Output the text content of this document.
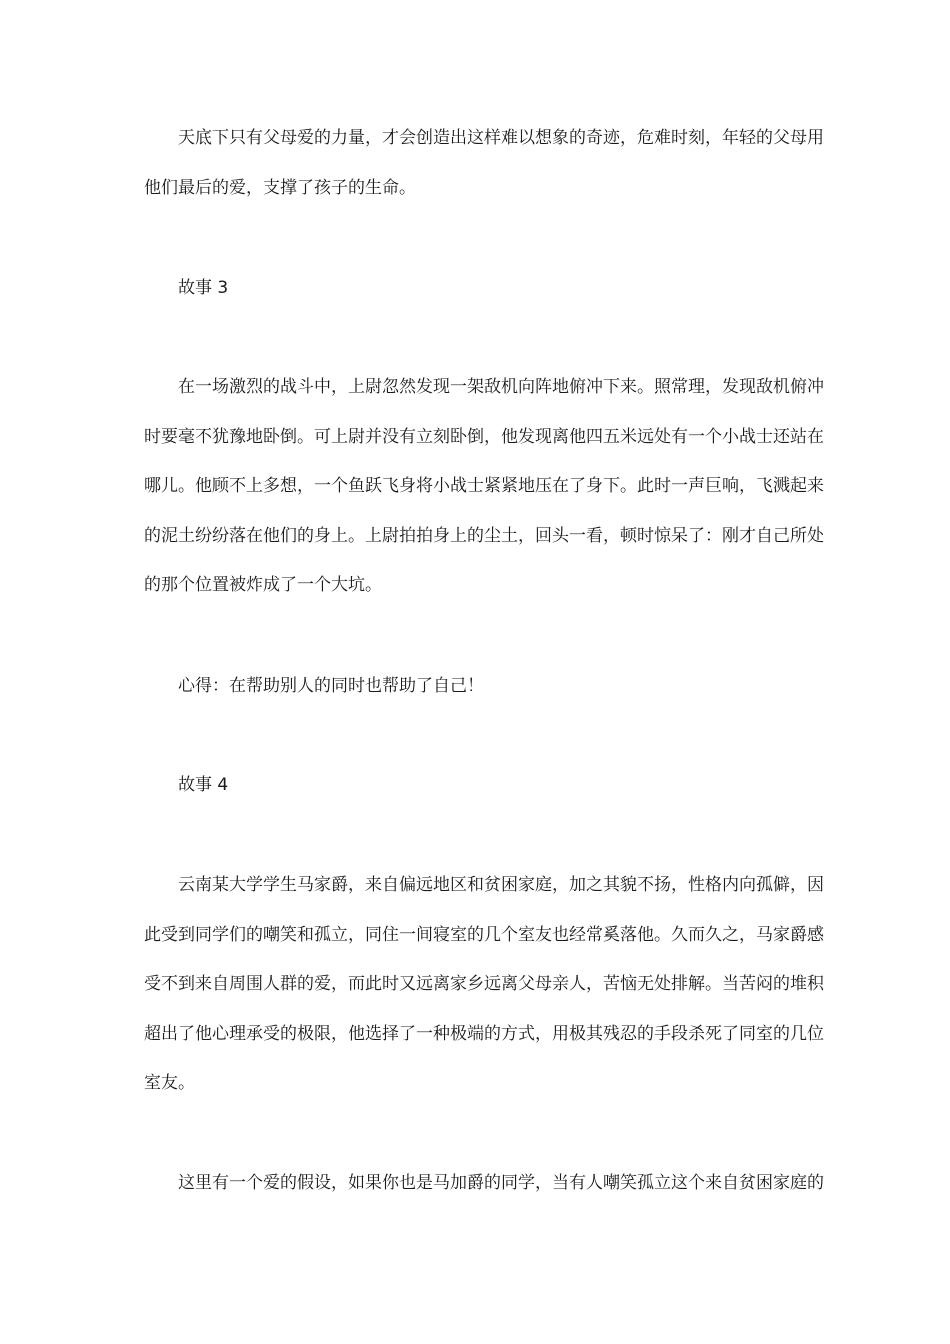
天底下只有父母爱的力量，才会创造出这样难以想象的奇迹，危难时刻，年轻的父母用
他们最后的爱，支撑了孩子的生命。
故事 3
在一场激烈的战斗中，上尉忽然发现一架敌机向阵地俯冲下来。照常理，发现敌机俯冲
时要毫不犹豫地卧倒。可上尉并没有立刻卧倒，他发现离他四五米远处有一个小战士还站在
哪儿。他顾不上多想，一个鱼跃飞身将小战士紧紧地压在了身下。此时一声巨响，飞溅起来
的泥土纷纷落在他们的身上。上尉拍拍身上的尘土，回头一看，顿时惊呆了：刚才自己所处
的那个位置被炸成了一个大坑。
心得：在帮助别人的同时也帮助了自己！
故事 4
云南某大学学生马家爵，来自偏远地区和贫困家庭，加之其貌不扬，性格内向孤僻，因
此受到同学们的嘲笑和孤立，同住一间寝室的几个室友也经常奚落他。久而久之，马家爵感
受不到来自周围人群的爱，而此时又远离家乡远离父母亲人，苦恼无处排解。当苦闷的堆积
超出了他心理承受的极限，他选择了一种极端的方式，用极其残忍的手段杀死了同室的几位
室友。
这里有一个爱的假设，如果你也是马加爵的同学，当有人嘲笑孤立这个来自贫困家庭的
